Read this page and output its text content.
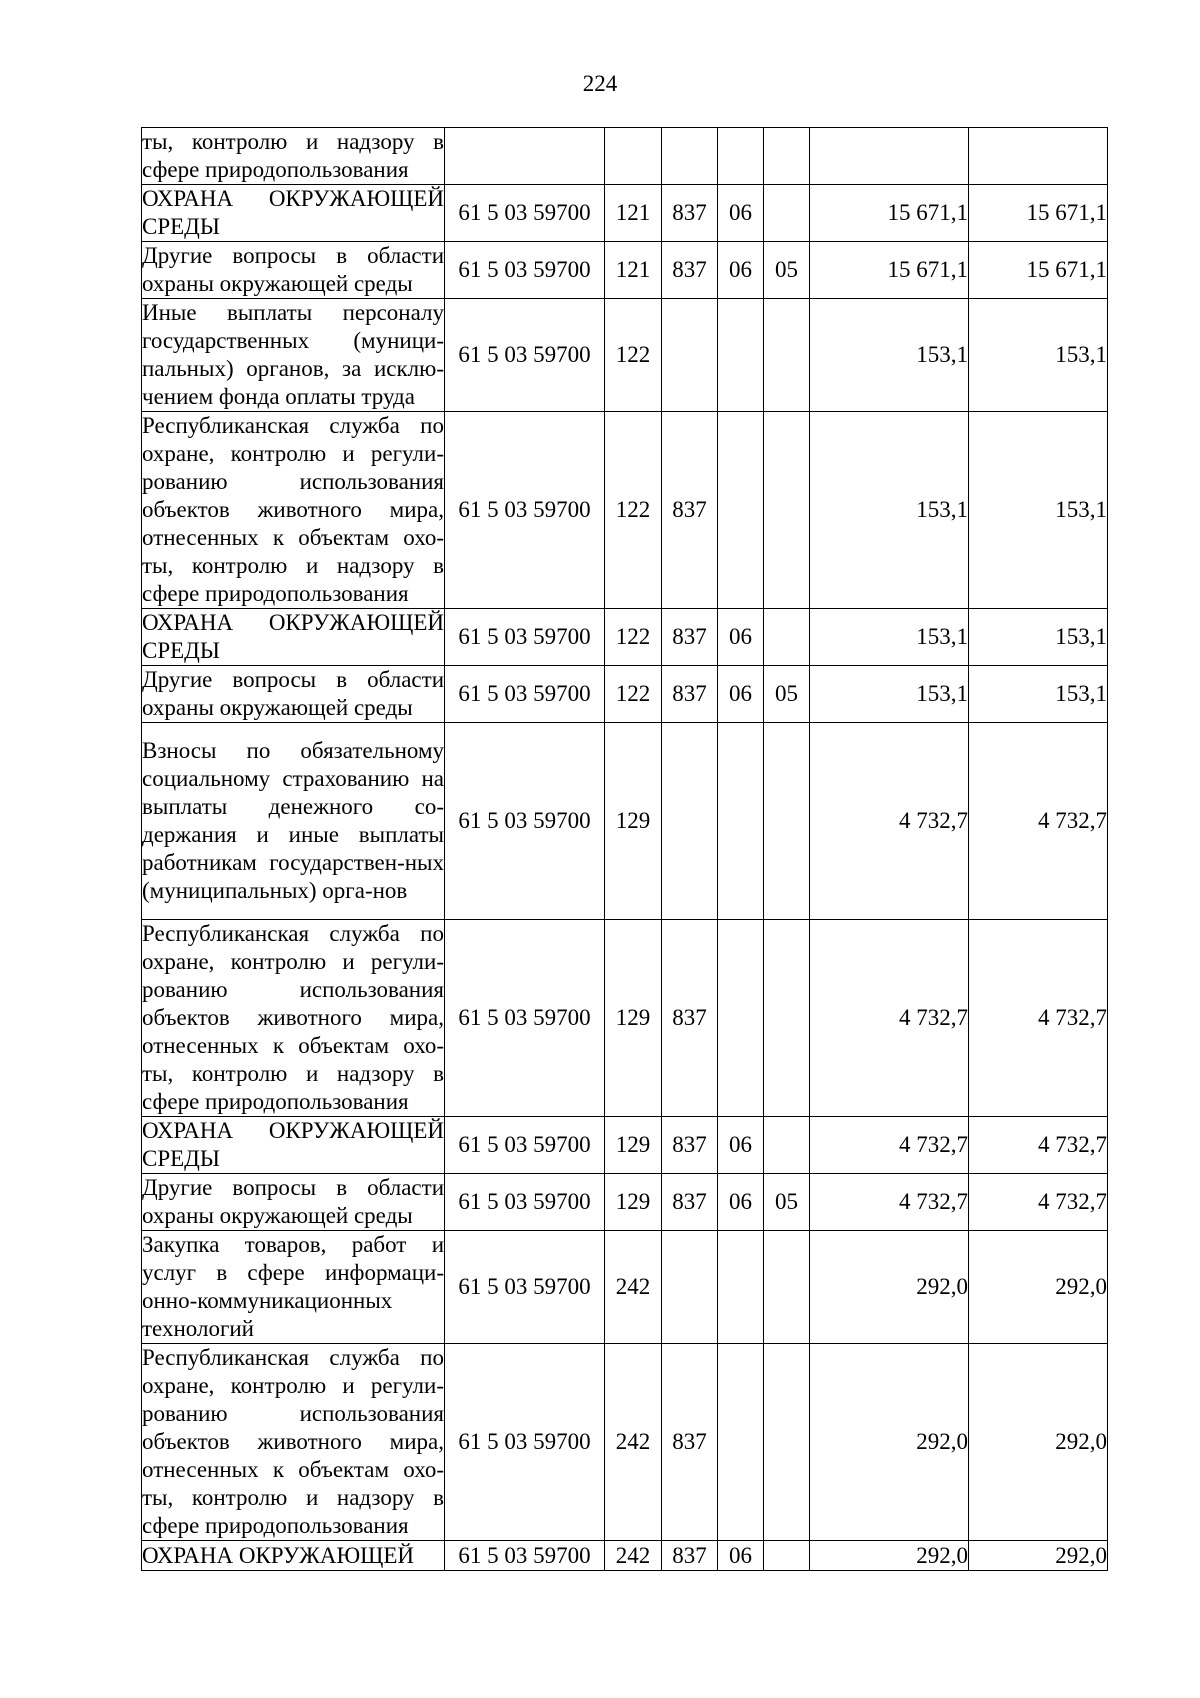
224
ты, контролю и надзору в сфере природопользования							
ОХРАНА ОКРУЖАЮЩЕЙ СРЕДЫ	61 5 03 59700	121	837	06		15 671,1	15 671,1
Другие вопросы в области охраны окружающей среды	61 5 03 59700	121	837	06	05	15 671,1	15 671,1
Иные выплаты персоналу государственных (муници-пальных) органов, за исклю-чением фонда оплаты труда	61 5 03 59700	122				153,1	153,1
Республиканская служба по охране, контролю и регули-рованию использования объектов животного мира, отнесенных к объектам охо-ты, контролю и надзору в сфере природопользования	61 5 03 59700	122	837			153,1	153,1
ОХРАНА ОКРУЖАЮЩЕЙ СРЕДЫ	61 5 03 59700	122	837	06		153,1	153,1
Другие вопросы в области охраны окружающей среды	61 5 03 59700	122	837	06	05	153,1	153,1
Взносы по обязательному социальному страхованию на выплаты денежного со-держания и иные выплаты работникам государствен-ных (муниципальных) орга-нов	61 5 03 59700	129				4 732,7	4 732,7
Республиканская служба по охране, контролю и регули-рованию использования объектов животного мира, отнесенных к объектам охо-ты, контролю и надзору в сфере природопользования	61 5 03 59700	129	837			4 732,7	4 732,7
ОХРАНА ОКРУЖАЮЩЕЙ СРЕДЫ	61 5 03 59700	129	837	06		4 732,7	4 732,7
Другие вопросы в области охраны окружающей среды	61 5 03 59700	129	837	06	05	4 732,7	4 732,7
Закупка товаров, работ и услуг в сфере информаци-онно-коммуникационных технологий	61 5 03 59700	242				292,0	292,0
Республиканская служба по охране, контролю и регули-рованию использования объектов животного мира, отнесенных к объектам охо-ты, контролю и надзору в сфере природопользования	61 5 03 59700	242	837			292,0	292,0
ОХРАНА ОКРУЖАЮЩЕЙ	61 5 03 59700	242	837	06		292,0	292,0
